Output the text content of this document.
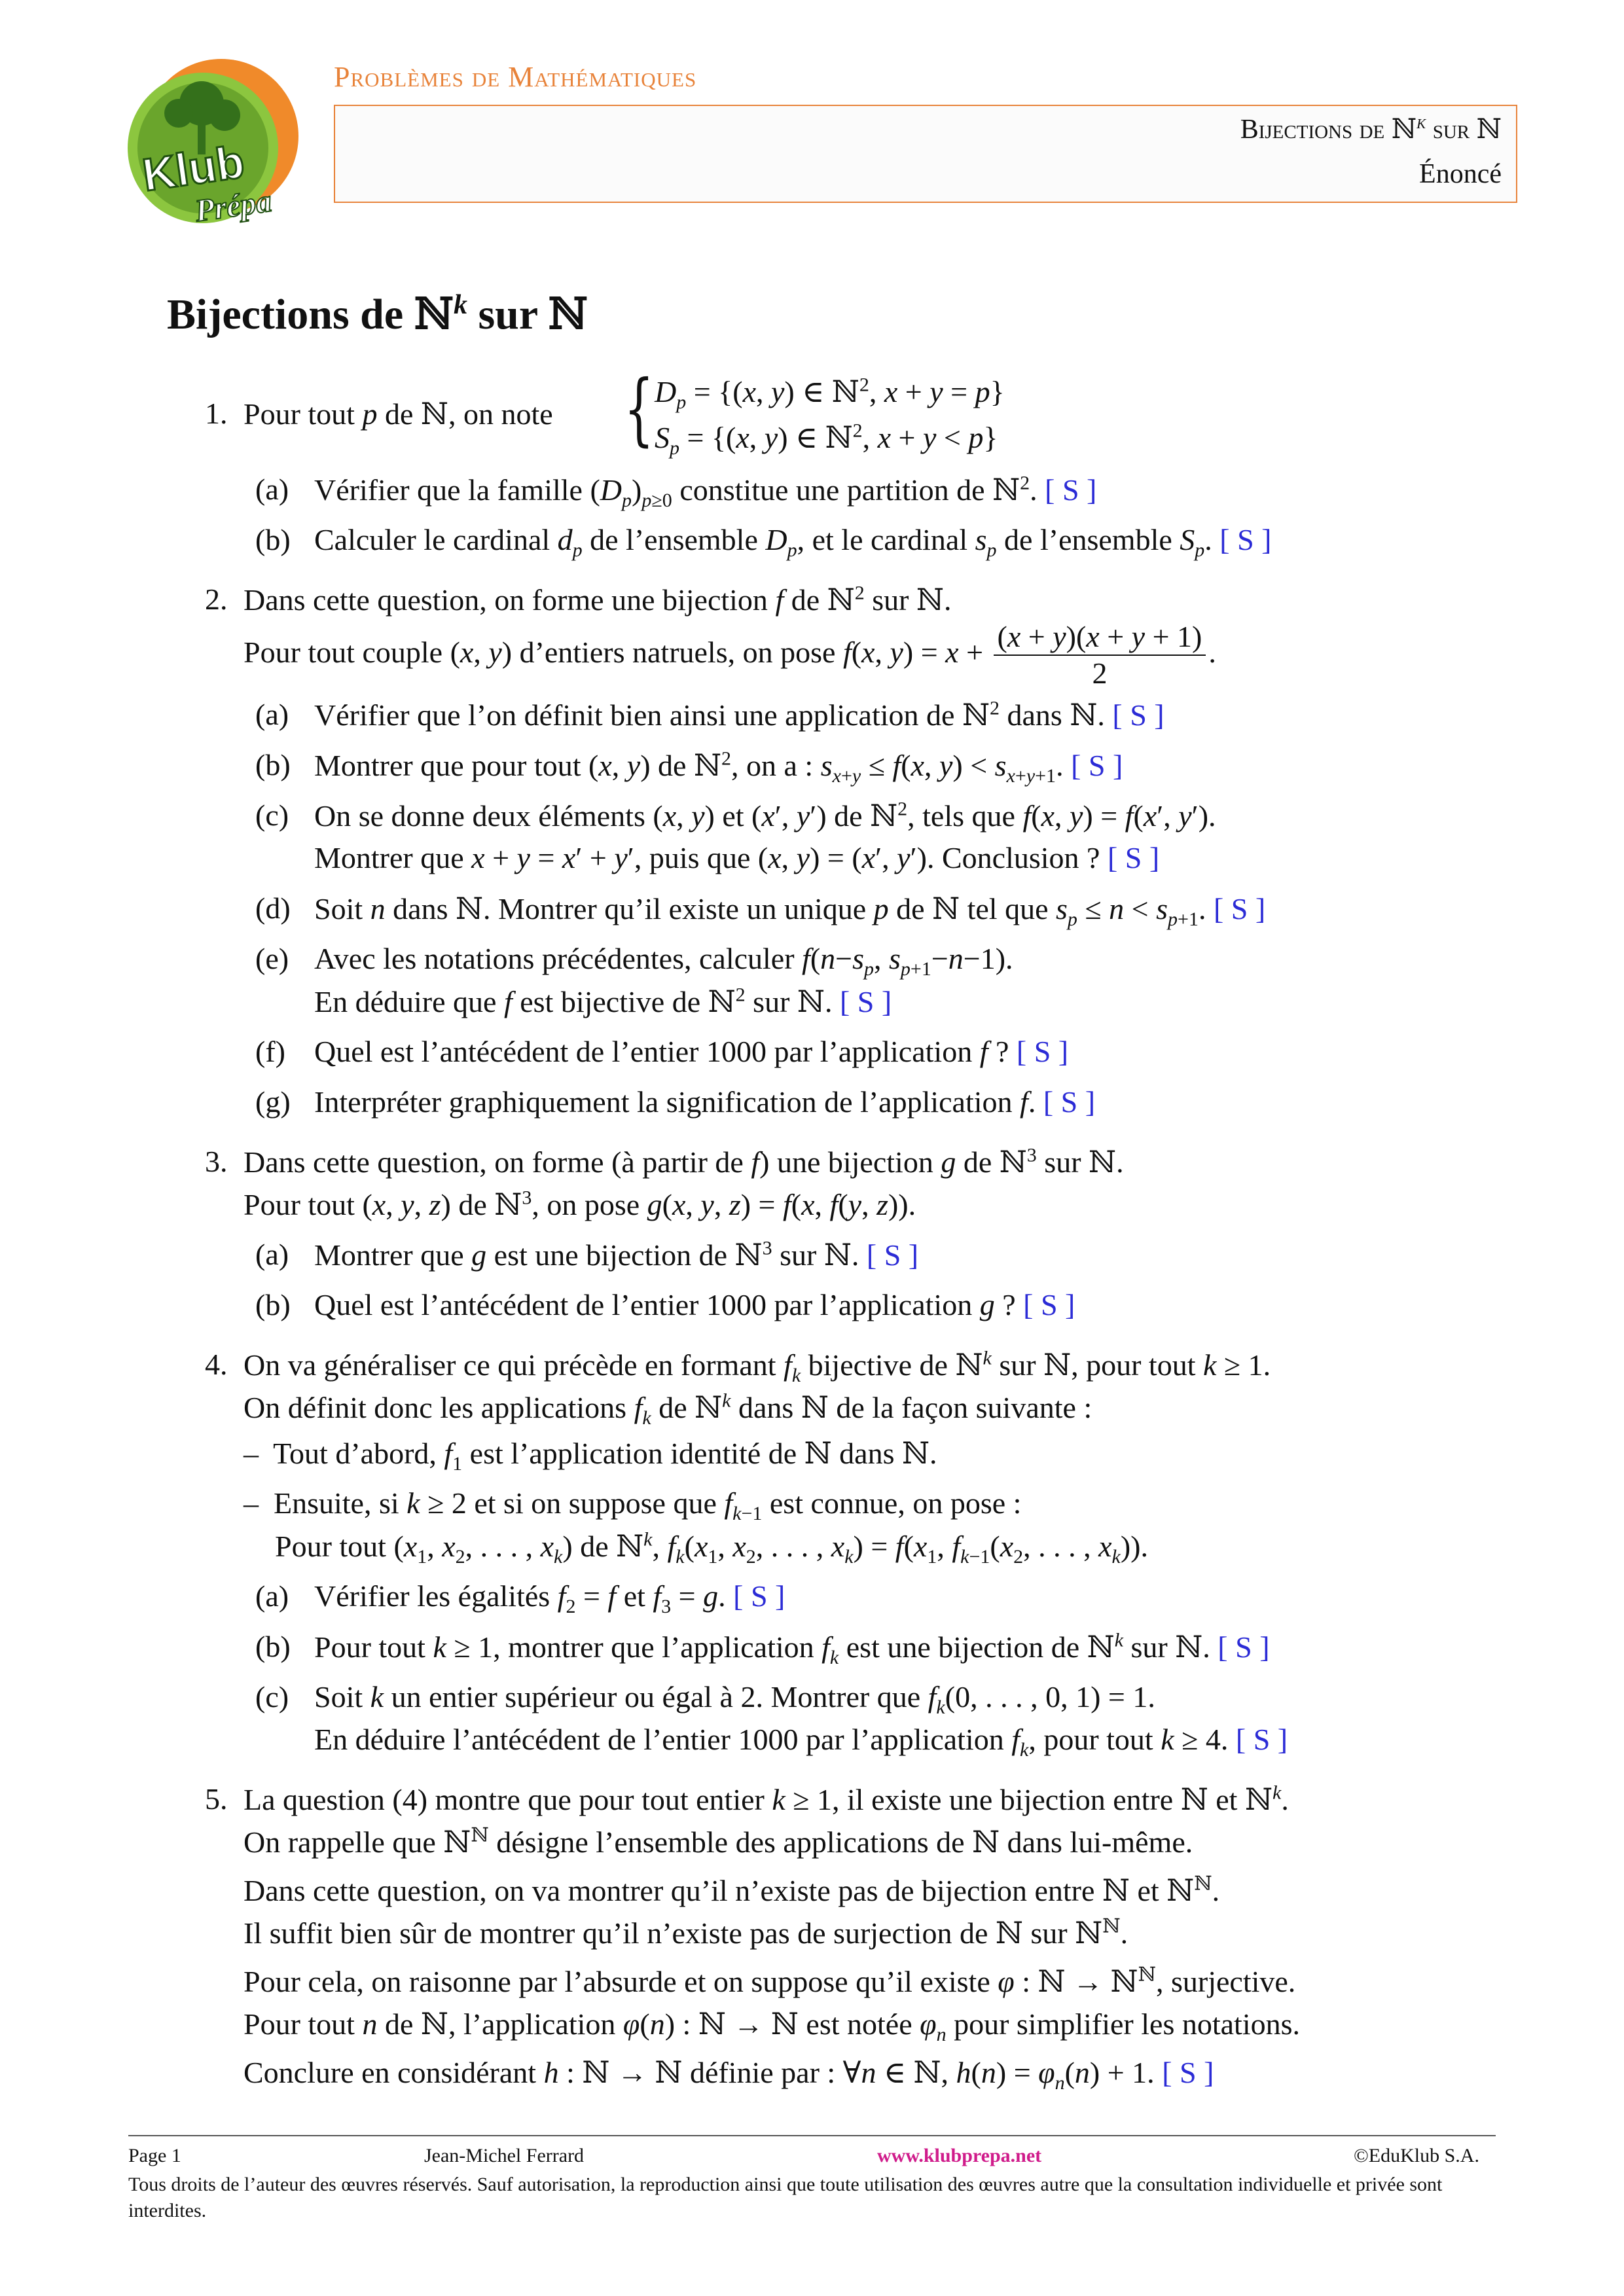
Klub
Prépa
Problèmes de Mathématiques
Bijections de ℕ$^k$ sur ℕ
Énoncé
Bijections de ℕ$^k$ sur ℕ
1. Pour tout p de ℕ, on note { $D_p = \{(x$, y) ∈ ℕ$^2$, x + y = p}
$S_p = \{(x$, y) ∈ ℕ$^2$, x + y < p}
(a) Vérifier que la famille $(D_p)_{p\ge 0}$ constitue une partition de ℕ$^2$. [ S ]
(b) Calculer le cardinal $d_p$ de l’ensemble $D_p$, et le cardinal $s_p$ de l’ensemble $S_p$. [ S ]
2. Dans cette question, on forme une bijection f de ℕ$^2$ sur ℕ.
Pour tout couple (x, y) d’entiers natruels, on pose f(x, $y) = x + \frac{(x + y)(x + y + 1)}{2}$ .
(a) Vérifier que l’on définit bien ainsi une application de ℕ$^2$ dans ℕ. [ S ]
(b) Montrer que pour tout (x, y) de ℕ$^2$, on a : $s_{x+y} \le f(x$, $y) < s_{x+y+1}$. [ S ]
(c) On se donne deux éléments (x, y) et (x′, y′) de ℕ$^2$, tels que f(x, y) = f(x′, y′).
Montrer que x + y = x′ + y′, puis que (x, y) = (x′, y′). Conclusion ? [ S ]
(d) Soit n dans ℕ. Montrer qu’il existe un unique p de ℕ tel que $s_p \le n < s_{p+1}$. [ S ]
(e) Avec les notations précédentes, calculer $f(n-s_p$, $s_{p+1}-n-1$).
En déduire que f est bijective de ℕ$^2$ sur ℕ. [ S ]
(f) Quel est l’antécédent de l’entier 1000 par l’application f ? [ S ]
(g) Interpréter graphiquement la signification de l’application f. [ S ]
3. Dans cette question, on forme (à partir de f) une bijection g de ℕ$^3$ sur ℕ.
Pour tout (x, y, z) de ℕ$^3$, on pose g(x, y, z) = f(x, f(y, z)).
(a) Montrer que g est une bijection de ℕ$^3$ sur ℕ. [ S ]
(b) Quel est l’antécédent de l’entier 1000 par l’application g ? [ S ]
4. On va généraliser ce qui précède en formant $f_k$ bijective de ℕ$^k$ sur ℕ, pour tout k ≥ 1.
On définit donc les applications $f_k$ de ℕ$^k$ dans ℕ de la façon suivante :
–  Tout d’abord, $f_1$ est l’application identité de ℕ dans ℕ.
–  Ensuite, si k ≥ 2 et si on suppose que $f_{k-1}$ est connue, on pose :
Pour tout ($x_1$, $x_2$, . . . , $x_k$) de ℕ$^k$, $f_k(x_1$, $x_2$, . . . , $x_k) = f(x_1$, $f_{k-1}(x_2$, . . . , $x_k$)).
(a) Vérifier les égalités $f_2 = f$ et $f_3 = g$. [ S ]
(b) Pour tout k ≥ 1, montrer que l’application $f_k$ est une bijection de ℕ$^k$ sur ℕ. [ S ]
(c) Soit k un entier supérieur ou égal à 2. Montrer que $f_k(0$, . . . , 0, 1) = 1.
En déduire l’antécédent de l’entier 1000 par l’application $f_k$, pour tout k ≥ 4. [ S ]
5. La question (4) montre que pour tout entier k ≥ 1, il existe une bijection entre ℕ et ℕ$^k$.
On rappelle que ℕ$^ℕ$ désigne l’ensemble des applications de ℕ dans lui-même.
Dans cette question, on va montrer qu’il n’existe pas de bijection entre ℕ et ℕ$^ℕ$.
Il suffit bien sûr de montrer qu’il n’existe pas de surjection de ℕ sur ℕ$^ℕ$.
Pour cela, on raisonne par l’absurde et on suppose qu’il existe φ : ℕ → ℕ$^ℕ$, surjective.
Pour tout n de ℕ, l’application φ(n) : ℕ → ℕ est notée $\varphi_n$ pour simplifier les notations.
Conclure en considérant h : ℕ → ℕ définie par : ∀n ∈ ℕ, $h(n) = \varphi_n(n) + 1$. [ S ]
Page 1	Jean-Michel Ferrard	www.klubprepa.net	©EduKlub S.A.
Tous droits de l’auteur des œuvres réservés. Sauf autorisation, la reproduction ainsi que toute utilisation des œuvres autre que la consultation individuelle et privée sont interdites.
